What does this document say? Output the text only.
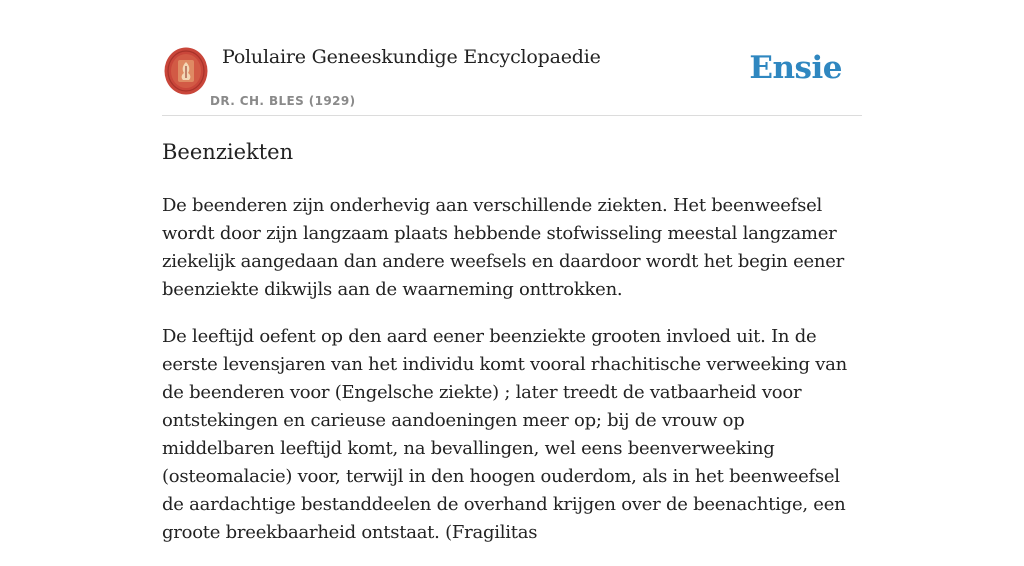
Polulaire Geneeskundige Encyclopaedie
DR. CH. BLES (1929)
Ensie
Beenziekten

De beenderen zijn onderhevig aan verschillende ziekten. Het beenweefsel wordt door zijn langzaam plaats hebbende stofwisseling meestal langzamer ziekelijk aangedaan dan andere weefsels en daardoor wordt het begin eener beenziekte dikwijls aan de waarneming onttrokken.

De leeftijd oefent op den aard eener beenziekte grooten invloed uit. In de eerste levensjaren van het individu komt vooral rhachitische verweeking van de beenderen voor (Engelsche ziekte) ; later treedt de vatbaarheid voor ontstekingen en carieuse aandoeningen meer op; bij de vrouw op middelbaren leeftijd komt, na bevallingen, wel eens beenverweeking (osteomalacie) voor, terwijl in den hoogen ouderdom, als in het beenweefsel de aardachtige bestanddeelen de overhand krijgen over de beenachtige, een groote breekbaarheid ontstaat. (Fragilitas
